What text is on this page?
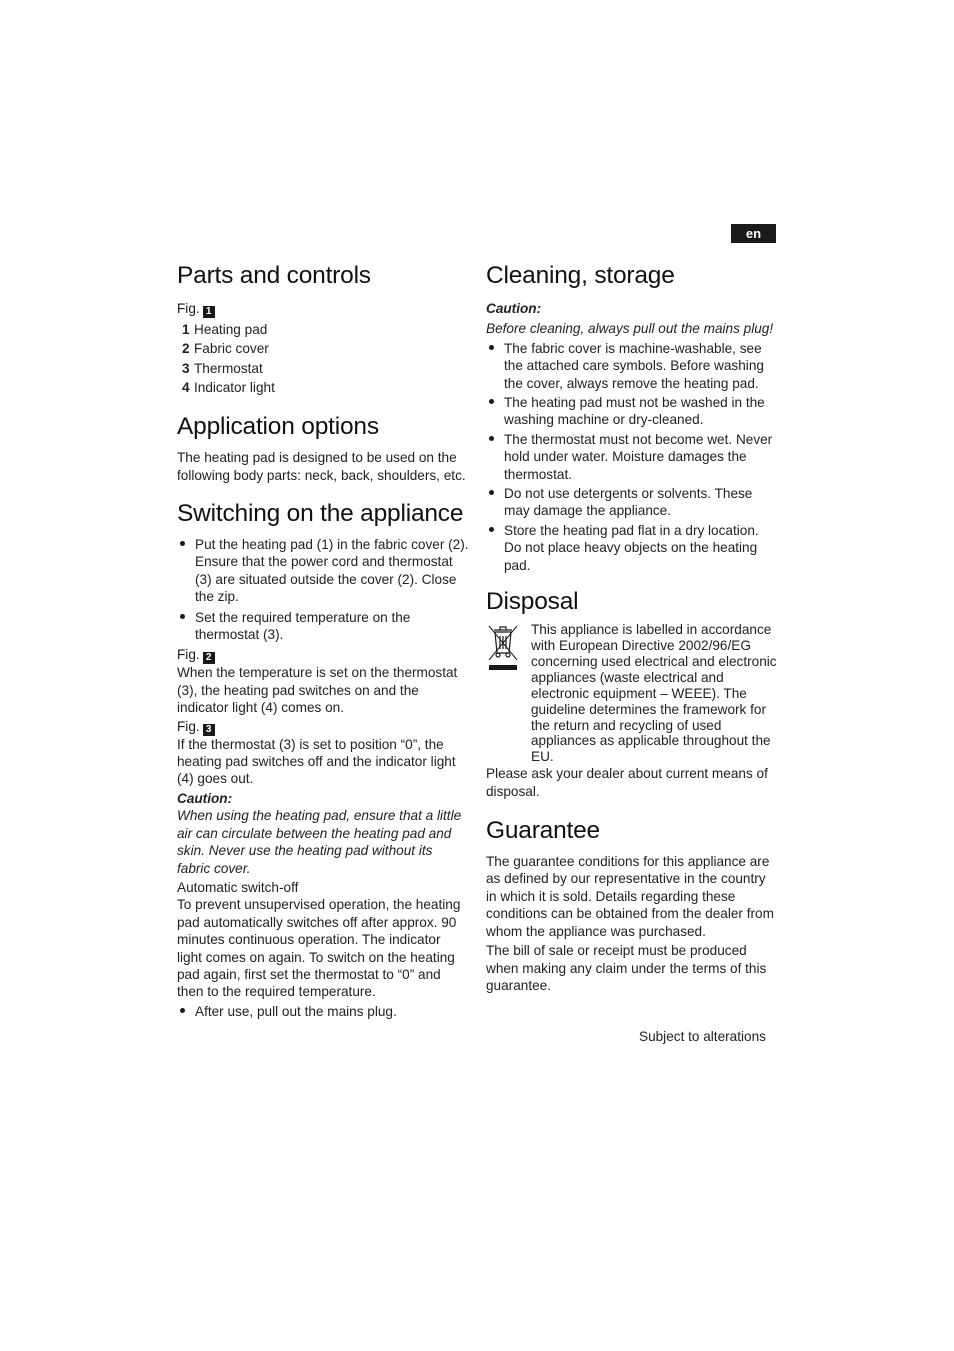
en
Parts and controls
Fig. 1
1 Heating pad
2 Fabric cover
3 Thermostat
4 Indicator light
Application options

The heating pad is designed to be used on the following body parts: neck, back, shoulders, etc.

Switching on the appliance
Put the heating pad (1) in the fabric cover (2). Ensure that the power cord and thermostat (3) are situated outside the cover (2). Close the zip.
Set the required temperature on the thermostat (3).
Fig. 2

When the temperature is set on the thermostat (3), the heating pad switches on and the indicator light (4) comes on.

Fig. 3

If the thermostat (3) is set to position “0”, the heating pad switches off and the indicator light (4) goes out.

Caution:

When using the heating pad, ensure that a little air can circulate between the heating pad and skin. Never use the heating pad without its fabric cover.

Automatic switch-off

To prevent unsupervised operation, the heating pad automatically switches off after approx. 90 minutes continuous operation. The indicator light comes on again. To switch on the heating pad again, first set the thermostat to “0” and then to the required temperature.

After use, pull out the mains plug.
Cleaning, storage

Caution:

Before cleaning, always pull out the mains plug!

The fabric cover is machine-washable, see the attached care symbols. Before washing the cover, always remove the heating pad.
The heating pad must not be washed in the washing machine or dry-cleaned.
The thermostat must not become wet. Never hold under water. Moisture damages the thermostat.
Do not use detergents or solvents. These may damage the appliance.
Store the heating pad flat in a dry location. Do not place heavy objects on the heating pad.
Disposal

This appliance is labelled in accordance with European Directive 2002/96/EG concerning used electrical and electronic appliances (waste electrical and electronic equipment – WEEE). The guideline determines the framework for the return and recycling of used appliances as applicable throughout the EU.

Please ask your dealer about current means of disposal.

Guarantee

The guarantee conditions for this appliance are as defined by our representative in the country in which it is sold. Details regarding these conditions can be obtained from the dealer from whom the appliance was purchased.

The bill of sale or receipt must be produced when making any claim under the terms of this guarantee.

Subject to alterations
